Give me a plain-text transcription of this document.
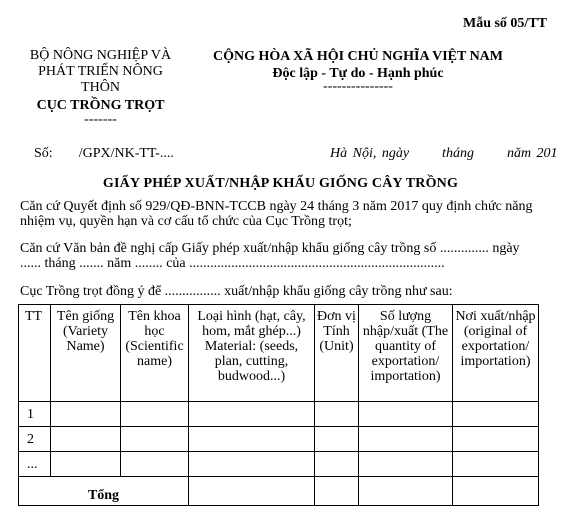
Mẫu số 05/TT
BỘ NÔNG NGHIỆP VÀ PHÁT TRIỂN NÔNG THÔN
CỤC TRỒNG TRỌT
-------
CỘNG HÒA XÃ HỘI CHỦ NGHĨA VIỆT NAM
Độc lập - Tự do - Hạnh phúc
---------------
Số: /GPX/NK-TT-....	Hà Nội, ngày      tháng      năm 201
GIẤY PHÉP XUẤT/NHẬP KHẨU GIỐNG CÂY TRỒNG
Căn cứ Quyết định số 929/QĐ-BNN-TCCB ngày 24 tháng 3 năm 2017 quy định chức năng nhiệm vụ, quyền hạn và cơ cấu tổ chức của Cục Trồng trọt;
Căn cứ Văn bản đề nghị cấp Giấy phép xuất/nhập khẩu giống cây trồng số .............. ngày ...... tháng ....... năm ........ của .........................................................................
Cục Trồng trọt đồng ý để ................ xuất/nhập khẩu giống cây trồng như sau:
TT	Tên giống (Variety Name)	Tên khoa học (Scientific name)	Loại hình (hạt, cây, hom, mắt ghép...) Material: (seeds, plan, cutting, budwood...)	Đơn vị Tính (Unit)	Số lượng nhập/xuất (The quantity of exportation/ importation)	Nơi xuất/nhập (original of exportation/ importation)
1						
2						
...						
Tổng						
